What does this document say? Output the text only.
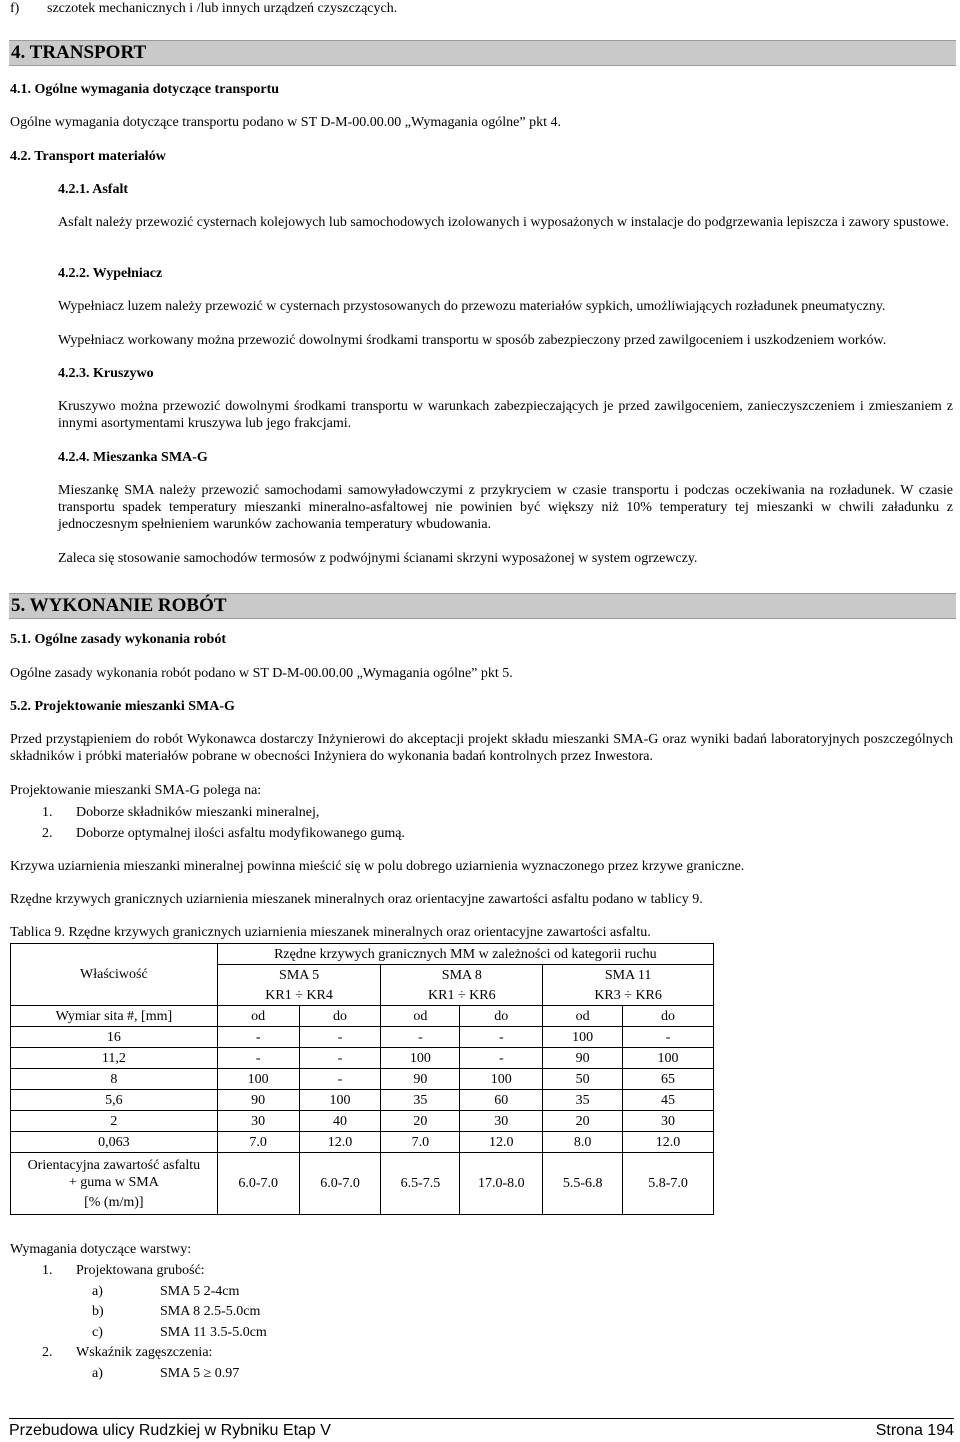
f) szczotek mechanicznych i /lub innych urządzeń czyszczących.
4. TRANSPORT
4.1. Ogólne wymagania dotyczące transportu
Ogólne wymagania dotyczące transportu podano w ST D-M-00.00.00 „Wymagania ogólne” pkt 4.
4.2. Transport materiałów
4.2.1. Asfalt
Asfalt należy przewozić cysternach kolejowych lub samochodowych izolowanych i wyposażonych w instalacje do podgrzewania lepiszcza i zawory spustowe.
4.2.2. Wypełniacz
Wypełniacz luzem należy przewozić w cysternach przystosowanych do przewozu materiałów sypkich, umożliwiających rozładunek pneumatyczny.
Wypełniacz workowany można przewozić dowolnymi środkami transportu w sposób zabezpieczony przed zawilgoceniem i uszkodzeniem worków.
4.2.3. Kruszywo
Kruszywo można przewozić dowolnymi środkami transportu w warunkach zabezpieczających je przed zawilgoceniem, zanieczyszczeniem i zmieszaniem z innymi asortymentami kruszywa lub jego frakcjami.
4.2.4. Mieszanka SMA-G
Mieszankę SMA należy przewozić samochodami samowyładowczymi z przykryciem w czasie transportu i podczas oczekiwania na rozładunek. W czasie transportu spadek temperatury mieszanki mineralno-asfaltowej nie powinien być większy niż 10% temperatury tej mieszanki w chwili załadunku z jednoczesnym spełnieniem warunków zachowania temperatury wbudowania.
Zaleca się stosowanie samochodów termosów z podwójnymi ścianami skrzyni wyposażonej w system ogrzewczy.
5. WYKONANIE ROBÓT
5.1. Ogólne zasady wykonania robót
Ogólne zasady wykonania robót podano w ST D-M-00.00.00 „Wymagania ogólne” pkt 5.
5.2. Projektowanie mieszanki SMA-G
Przed przystąpieniem do robót Wykonawca dostarczy Inżynierowi do akceptacji projekt składu mieszanki SMA-G oraz wyniki badań laboratoryjnych poszczególnych składników i próbki materiałów pobrane w obecności Inżyniera do wykonania badań kontrolnych przez Inwestora.
Projektowanie mieszanki SMA-G polega na:
1. Doborze składników mieszanki mineralnej,
2. Doborze optymalnej ilości asfaltu modyfikowanego gumą.
Krzywa uziarnienia mieszanki mineralnej powinna mieścić się w polu dobrego uziarnienia wyznaczonego przez krzywe graniczne.
Rzędne krzywych granicznych uziarnienia mieszanek mineralnych oraz orientacyjne zawartości asfaltu podano w tablicy 9.
Tablica 9. Rzędne krzywych granicznych uziarnienia mieszanek mineralnych oraz orientacyjne zawartości asfaltu.
Właściwość	Rzędne krzywych granicznych MM w zależności od kategorii ruchu					
	SMA 5		SMA 8		SMA 11	
	KR1 ÷ KR4		KR1 ÷ KR6		KR3 ÷ KR6	
Wymiar sita #, [mm]	od	do	od	do	od	do
16	-	-	-	-	100	-
11,2	-	-	100	-	90	100
8	100	-	90	100	50	65
5,6	90	100	35	60	35	45
2	30	40	20	30	20	30
0,063	7.0	12.0	7.0	12.0	8.0	12.0

Orientacyjna zawartość asfaltu
+ guma w SMA
[% (m/m)]	6.0-7.0	6.0-7.0	6.5-7.5	17.0-8.0	5.5-6.8	5.8-7.0
Wymagania dotyczące warstwy:
1. Projektowana grubość:
a)	SMA 5 2-4cm
b)	SMA 8 2.5-5.0cm
c)	SMA 11 3.5-5.0cm
2. Wskaźnik zagęszczenia:
a)	SMA 5 ≥ 0.97
Przebudowa ulicy Rudzkiej w Rybniku Etap V	Strona 194
